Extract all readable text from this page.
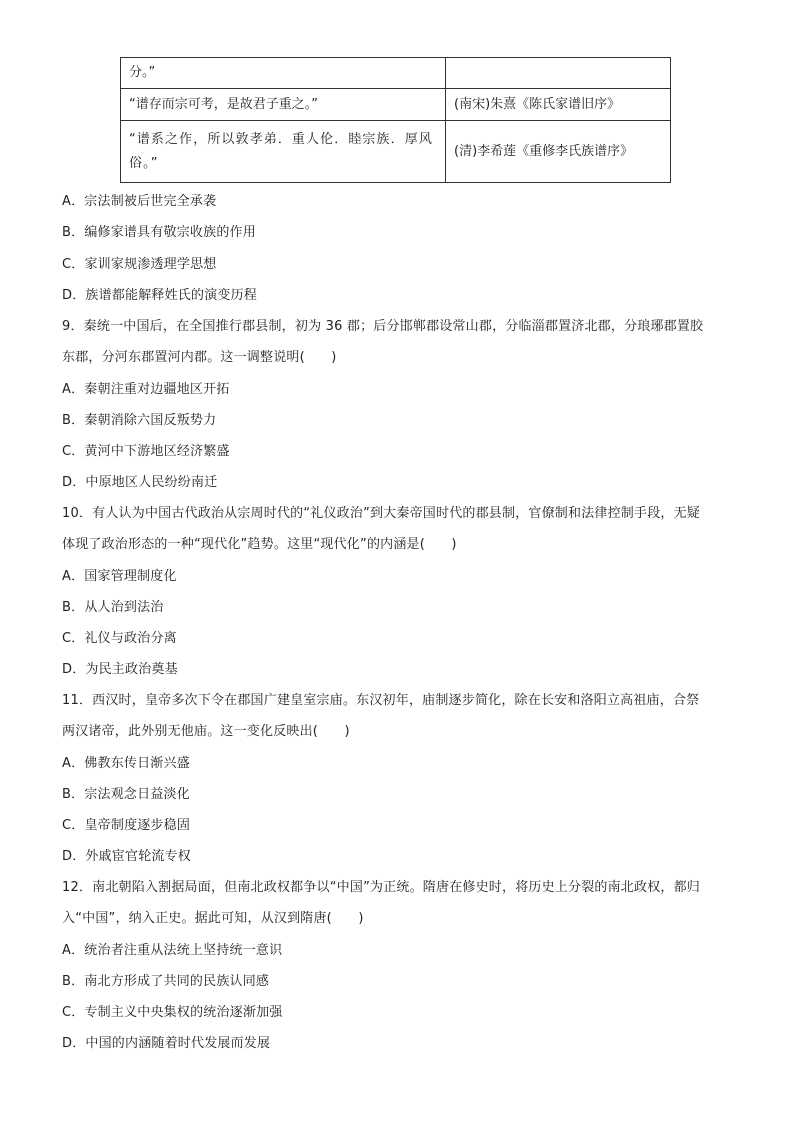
分。”	
“谱存而宗可考，是故君子重之。”	(南宋)朱熹《陈氏家谱旧序》
“谱系之作，所以敦孝弟．重人伦．睦宗族．厚风俗。”	(清)李希莲《重修李氏族谱序》
A．宗法制被后世完全承袭
B．编修家谱具有敬宗收族的作用
C．家训家规渗透理学思想
D．族谱都能解释姓氏的演变历程
9．秦统一中国后，在全国推行郡县制，初为 36 郡；后分邯郸郡设常山郡，分临淄郡置济北郡，分琅琊郡置胶
东郡，分河东郡置河内郡。这一调整说明(　　)
A．秦朝注重对边疆地区开拓
B．秦朝消除六国反叛势力
C．黄河中下游地区经济繁盛
D．中原地区人民纷纷南迁
10．有人认为中国古代政治从宗周时代的“礼仪政治”到大秦帝国时代的郡县制，官僚制和法律控制手段，无疑
体现了政治形态的一种“现代化”趋势。这里“现代化”的内涵是(　　)
A．国家管理制度化
B．从人治到法治
C．礼仪与政治分离
D．为民主政治奠基
11．西汉时，皇帝多次下令在郡国广建皇室宗庙。东汉初年，庙制逐步简化，除在长安和洛阳立高祖庙，合祭
两汉诸帝，此外别无他庙。这一变化反映出(　　)
A．佛教东传日渐兴盛
B．宗法观念日益淡化
C．皇帝制度逐步稳固
D．外戚宦官轮流专权
12．南北朝陷入割据局面，但南北政权都争以“中国”为正统。隋唐在修史时，将历史上分裂的南北政权，都归
入“中国”，纳入正史。据此可知，从汉到隋唐(　　)
A．统治者注重从法统上坚持统一意识
B．南北方形成了共同的民族认同感
C．专制主义中央集权的统治逐渐加强
D．中国的内涵随着时代发展而发展
